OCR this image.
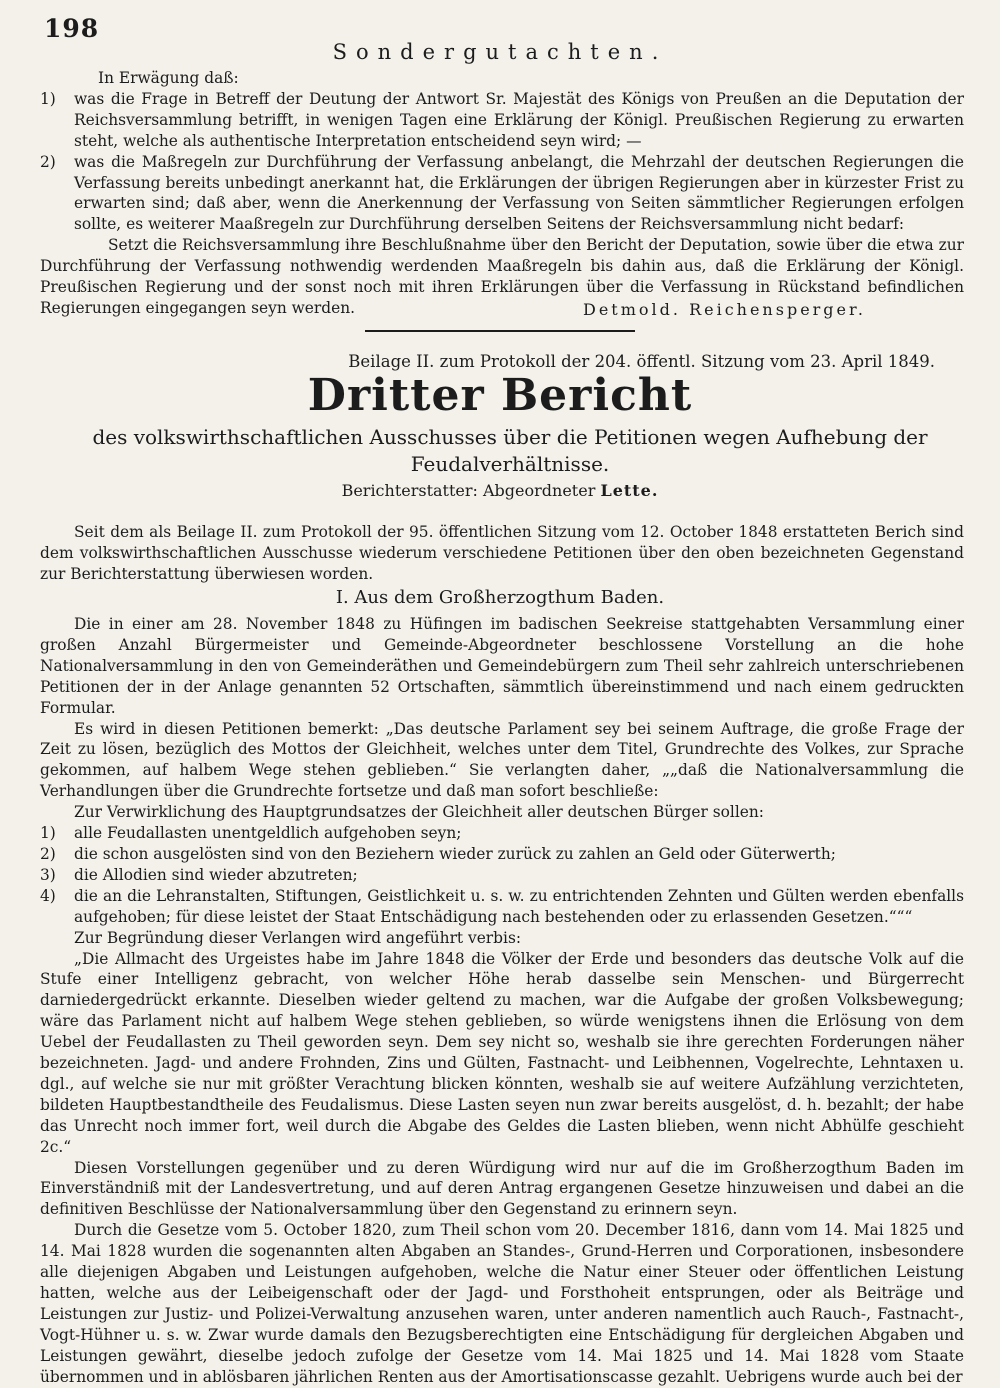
198
Sondergutachten.

In Erwägung daß:

1) was die Frage in Betreff der Deutung der Antwort Sr. Majestät des Königs von Preußen an die Deputation der Reichsversammlung betrifft, in wenigen Tagen eine Erklärung der Königl. Preußischen Regierung zu erwarten steht, welche als authentische Interpretation entscheidend seyn wird; —

2) was die Maßregeln zur Durchführung der Verfassung anbelangt, die Mehrzahl der deutschen Regierungen die Verfassung bereits unbedingt anerkannt hat, die Erklärungen der übrigen Regierungen aber in kürzester Frist zu erwarten sind; daß aber, wenn die Anerkennung der Verfassung von Seiten sämmtlicher Regierungen erfolgen sollte, es weiterer Maaßregeln zur Durchführung derselben Seitens der Reichsversammlung nicht bedarf:

Setzt die Reichsversammlung ihre Beschlußnahme über den Bericht der Deputation, sowie über die etwa zur Durchführung der Verfassung nothwendig werdenden Maaßregeln bis dahin aus, daß die Erklärung der Königl. Preußischen Regierung und der sonst noch mit ihren Erklärungen über die Verfassung in Rückstand befindlichen Regierungen eingegangen seyn werden.	Detmold. Reichensperger.
Beilage II. zum Protokoll der 204. öffentl. Sitzung vom 23. April 1849.
Dritter Bericht
des volkswirthschaftlichen Ausschusses über die Petitionen wegen Aufhebung der Feudalverhältnisse.
Berichterstatter: Abgeordneter Lette.

Seit dem als Beilage II. zum Protokoll der 95. öffentlichen Sitzung vom 12. October 1848 erstatteten Berich sind dem volkswirthschaftlichen Ausschusse wiederum verschiedene Petitionen über den oben bezeichneten Gegenstand zur Berichterstattung überwiesen worden.

I. Aus dem Großherzogthum Baden.

Die in einer am 28. November 1848 zu Hüfingen im badischen Seekreise stattgehabten Versammlung einer großen Anzahl Bürgermeister und Gemeinde-Abgeordneter beschlossene Vorstellung an die hohe Nationalversammlung in den von Gemeinderäthen und Gemeindebürgern zum Theil sehr zahlreich unterschriebenen Petitionen der in der Anlage genannten 52 Ortschaften, sämmtlich übereinstimmend und nach einem gedruckten Formular.

Es wird in diesen Petitionen bemerkt: „Das deutsche Parlament sey bei seinem Auftrage, die große Frage der Zeit zu lösen, bezüglich des Mottos der Gleichheit, welches unter dem Titel, Grundrechte des Volkes, zur Sprache gekommen, auf halbem Wege stehen geblieben.“ Sie verlangten daher, „„daß die Nationalversammlung die Verhandlungen über die Grundrechte fortsetze und daß man sofort beschließe:

Zur Verwirklichung des Hauptgrundsatzes der Gleichheit aller deutschen Bürger sollen:

1) alle Feudallasten unentgeldlich aufgehoben seyn;

2) die schon ausgelösten sind von den Beziehern wieder zurück zu zahlen an Geld oder Güterwerth;

3) die Allodien sind wieder abzutreten;

4) die an die Lehranstalten, Stiftungen, Geistlichkeit u. s. w. zu entrichtenden Zehnten und Gülten werden ebenfalls aufgehoben; für diese leistet der Staat Entschädigung nach bestehenden oder zu erlassenden Gesetzen.“““

Zur Begründung dieser Verlangen wird angeführt verbis:

„Die Allmacht des Urgeistes habe im Jahre 1848 die Völker der Erde und besonders das deutsche Volk auf die Stufe einer Intelligenz gebracht, von welcher Höhe herab dasselbe sein Menschen- und Bürgerrecht darniedergedrückt erkannte. Dieselben wieder geltend zu machen, war die Aufgabe der großen Volksbewegung; wäre das Parlament nicht auf halbem Wege stehen geblieben, so würde wenigstens ihnen die Erlösung von dem Uebel der Feudallasten zu Theil geworden seyn. Dem sey nicht so, weshalb sie ihre gerechten Forderungen näher bezeichneten. Jagd- und andere Frohnden, Zins und Gülten, Fastnacht- und Leibhennen, Vogelrechte, Lehntaxen u. dgl., auf welche sie nur mit größter Verachtung blicken könnten, weshalb sie auf weitere Aufzählung verzichteten, bildeten Hauptbestandtheile des Feudalismus. Diese Lasten seyen nun zwar bereits ausgelöst, d. h. bezahlt; der habe das Unrecht noch immer fort, weil durch die Abgabe des Geldes die Lasten blieben, wenn nicht Abhülfe geschieht 2c.“

Diesen Vorstellungen gegenüber und zu deren Würdigung wird nur auf die im Großherzogthum Baden im Einverständniß mit der Landesvertretung, und auf deren Antrag ergangenen Gesetze hinzuweisen und dabei an die definitiven Beschlüsse der Nationalversammlung über den Gegenstand zu erinnern seyn.

Durch die Gesetze vom 5. October 1820, zum Theil schon vom 20. December 1816, dann vom 14. Mai 1825 und 14. Mai 1828 wurden die sogenannten alten Abgaben an Standes-, Grund-Herren und Corporationen, insbesondere alle diejenigen Abgaben und Leistungen aufgehoben, welche die Natur einer Steuer oder öffentlichen Leistung hatten, welche aus der Leibeigenschaft oder der Jagd- und Forsthoheit entsprungen, oder als Beiträge und Leistungen zur Justiz- und Polizei-Verwaltung anzusehen waren, unter anderen namentlich auch Rauch-, Fastnacht-, Vogt-Hühner u. s. w. Zwar wurde damals den Bezugsberechtigten eine Entschädigung für dergleichen Abgaben und Leistungen gewährt, dieselbe jedoch zufolge der Gesetze vom 14. Mai 1825 und 14. Mai 1828 vom Staate übernommen und in ablösbaren jährlichen Renten aus der Amortisationscasse gezahlt. Uebrigens wurde auch bei der
